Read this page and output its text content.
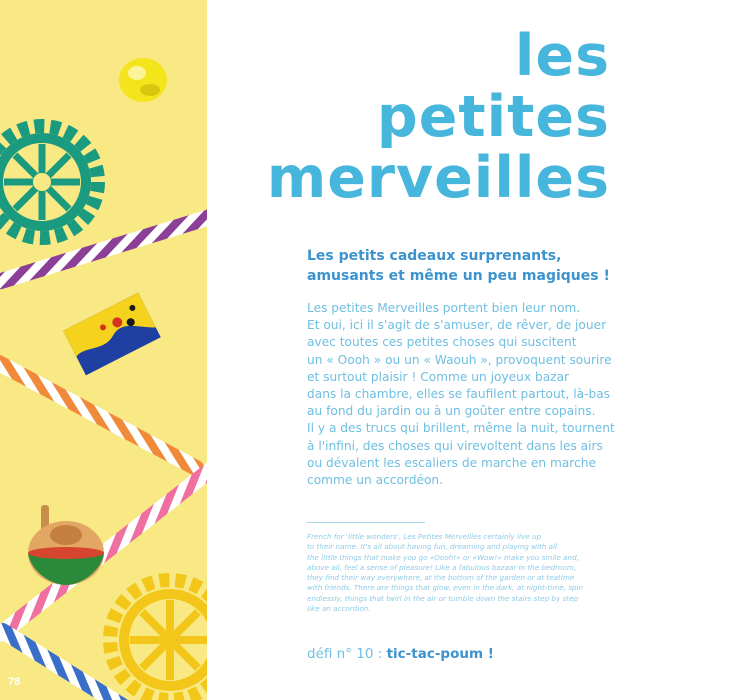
78
les
petites
merveilles
Les petits cadeaux surprenants,
amusants et même un peu magiques !
Les petites Merveilles portent bien leur nom.
Et oui, ici il s'agit de s'amuser, de rêver, de jouer
avec toutes ces petites choses qui suscitent
un « Oooh » ou un « Waouh », provoquent sourire
et surtout plaisir ! Comme un joyeux bazar
dans la chambre, elles se faufilent partout, là-bas
au fond du jardin ou à un goûter entre copains.
Il y a des trucs qui brillent, même la nuit, tournent
à l'infini, des choses qui virevoltent dans les airs
ou dévalent les escaliers de marche en marche
comme un accordéon.
French for 'little wonders', Les Petites Merveilles certainly live up
to their name. It's all about having fun, dreaming and playing with all
the little things that make you go «Oooh!» or «Wow!» make you smile and,
above all, feel a sense of pleasure! Like a fabulous bazaar in the bedroom,
they find their way everywhere, at the bottom of the garden or at teatime
with friends. There are things that glow, even in the dark, at night-time, spin
endlessly, things that twirl in the air or tumble down the stairs step by step
like an accordion.
défi n° 10 : tic-tac-poum !
